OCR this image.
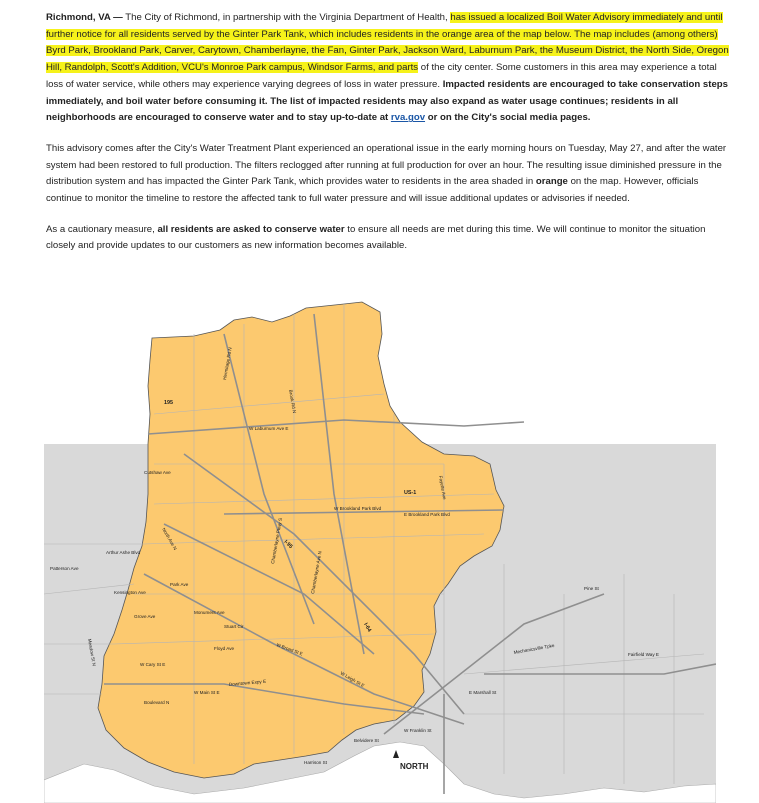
Richmond, VA — The City of Richmond, in partnership with the Virginia Department of Health, has issued a localized Boil Water Advisory immediately and until further notice for all residents served by the Ginter Park Tank, which includes residents in the orange area of the map below. The map includes (among others) Byrd Park, Brookland Park, Carver, Carytown, Chamberlayne, the Fan, Ginter Park, Jackson Ward, Laburnum Park, the Museum District, the North Side, Oregon Hill, Randolph, Scott's Addition, VCU's Monroe Park campus, Windsor Farms, and parts of the city center. Some customers in this area may experience a total loss of water service, while others may experience varying degrees of loss in water pressure. Impacted residents are encouraged to take conservation steps immediately, and boil water before consuming it. The list of impacted residents may also expand as water usage continues; residents in all neighborhoods are encouraged to conserve water and to stay up-to-date at rva.gov or on the City's social media pages.

This advisory comes after the City's Water Treatment Plant experienced an operational issue in the early morning hours on Tuesday, May 27, and after the water system had been restored to full production. The filters reclogged after running at full production for over an hour. The resulting issue diminished pressure in the distribution system and has impacted the Ginter Park Tank, which provides water to residents in the area shaded in orange on the map. However, officials continue to monitor the timeline to restore the affected tank to full water pressure and will issue additional updates or advisories if needed.

As a cautionary measure, all residents are asked to conserve water to ensure all needs are met during this time. We will continue to monitor the situation closely and provide updates to our customers as new information becomes available.

W Laburnum Ave E
W Brookland Park Blvd
E Brookland Park Blvd
Chamberlayne Ave N
Chamberlayne Pkwy S
Hermitage Rd N
North Ave N
Brook Rd N
W Broad St E
W Main St E
W Cary St E
Grove Ave
Monument Ave
Kensington Ave
Patterson Ave
Downtown Expy E	W Leigh St E
Mechanicsville Tpke	Fairfield Way E
Fayette Ave
Pine St
Meadow St N
Boulevard N
Arthur Ashe Blvd
Cutshaw Ave
Park Ave
Floyd Ave
Stuart Cir
I-95
I-64
195
US-1
Belvidere St
Harrison St
E Marshall St
W Franklin St
NORTH
